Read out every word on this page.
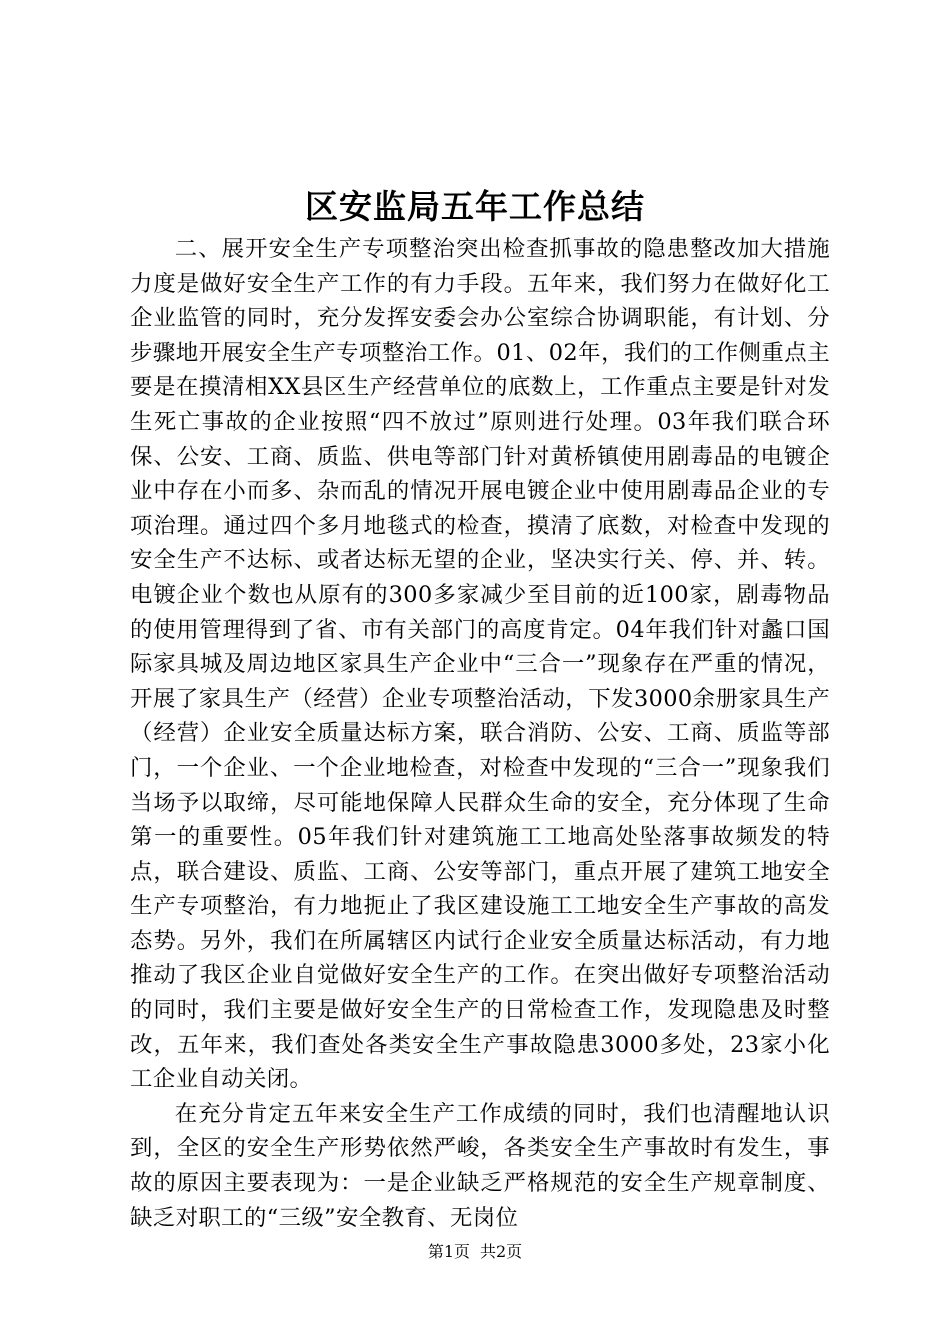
区安监局五年工作总结

二、展开安全生产专项整治突出检查抓事故的隐患整改加大措施力度是做好安全生产工作的有力手段。五年来，我们努力在做好化工企业监管的同时，充分发挥安委会办公室综合协调职能，有计划、分步骤地开展安全生产专项整治工作。01、02年，我们的工作侧重点主要是在摸清相XX县区生产经营单位的底数上，工作重点主要是针对发生死亡事故的企业按照“四不放过”原则进行处理。03年我们联合环保、公安、工商、质监、供电等部门针对黄桥镇使用剧毒品的电镀企业中存在小而多、杂而乱的情况开展电镀企业中使用剧毒品企业的专项治理。通过四个多月地毯式的检查，摸清了底数，对检查中发现的安全生产不达标、或者达标无望的企业，坚决实行关、停、并、转。电镀企业个数也从原有的300多家减少至目前的近100家，剧毒物品的使用管理得到了省、市有关部门的高度肯定。04年我们针对蠡口国际家具城及周边地区家具生产企业中“三合一”现象存在严重的情况，开展了家具生产（经营）企业专项整治活动，下发3000余册家具生产（经营）企业安全质量达标方案，联合消防、公安、工商、质监等部门，一个企业、一个企业地检查，对检查中发现的“三合一”现象我们当场予以取缔，尽可能地保障人民群众生命的安全，充分体现了生命第一的重要性。05年我们针对建筑施工工地高处坠落事故频发的特点，联合建设、质监、工商、公安等部门，重点开展了建筑工地安全生产专项整治，有力地扼止了我区建设施工工地安全生产事故的高发态势。另外，我们在所属辖区内试行企业安全质量达标活动，有力地推动了我区企业自觉做好安全生产的工作。在突出做好专项整治活动的同时，我们主要是做好安全生产的日常检查工作，发现隐患及时整改，五年来，我们查处各类安全生产事故隐患3000多处，23家小化工企业自动关闭。

在充分肯定五年来安全生产工作成绩的同时，我们也清醒地认识到，全区的安全生产形势依然严峻，各类安全生产事故时有发生，事故的原因主要表现为：一是企业缺乏严格规范的安全生产规章制度、缺乏对职工的“三级”安全教育、无岗位

第1页 共2页
